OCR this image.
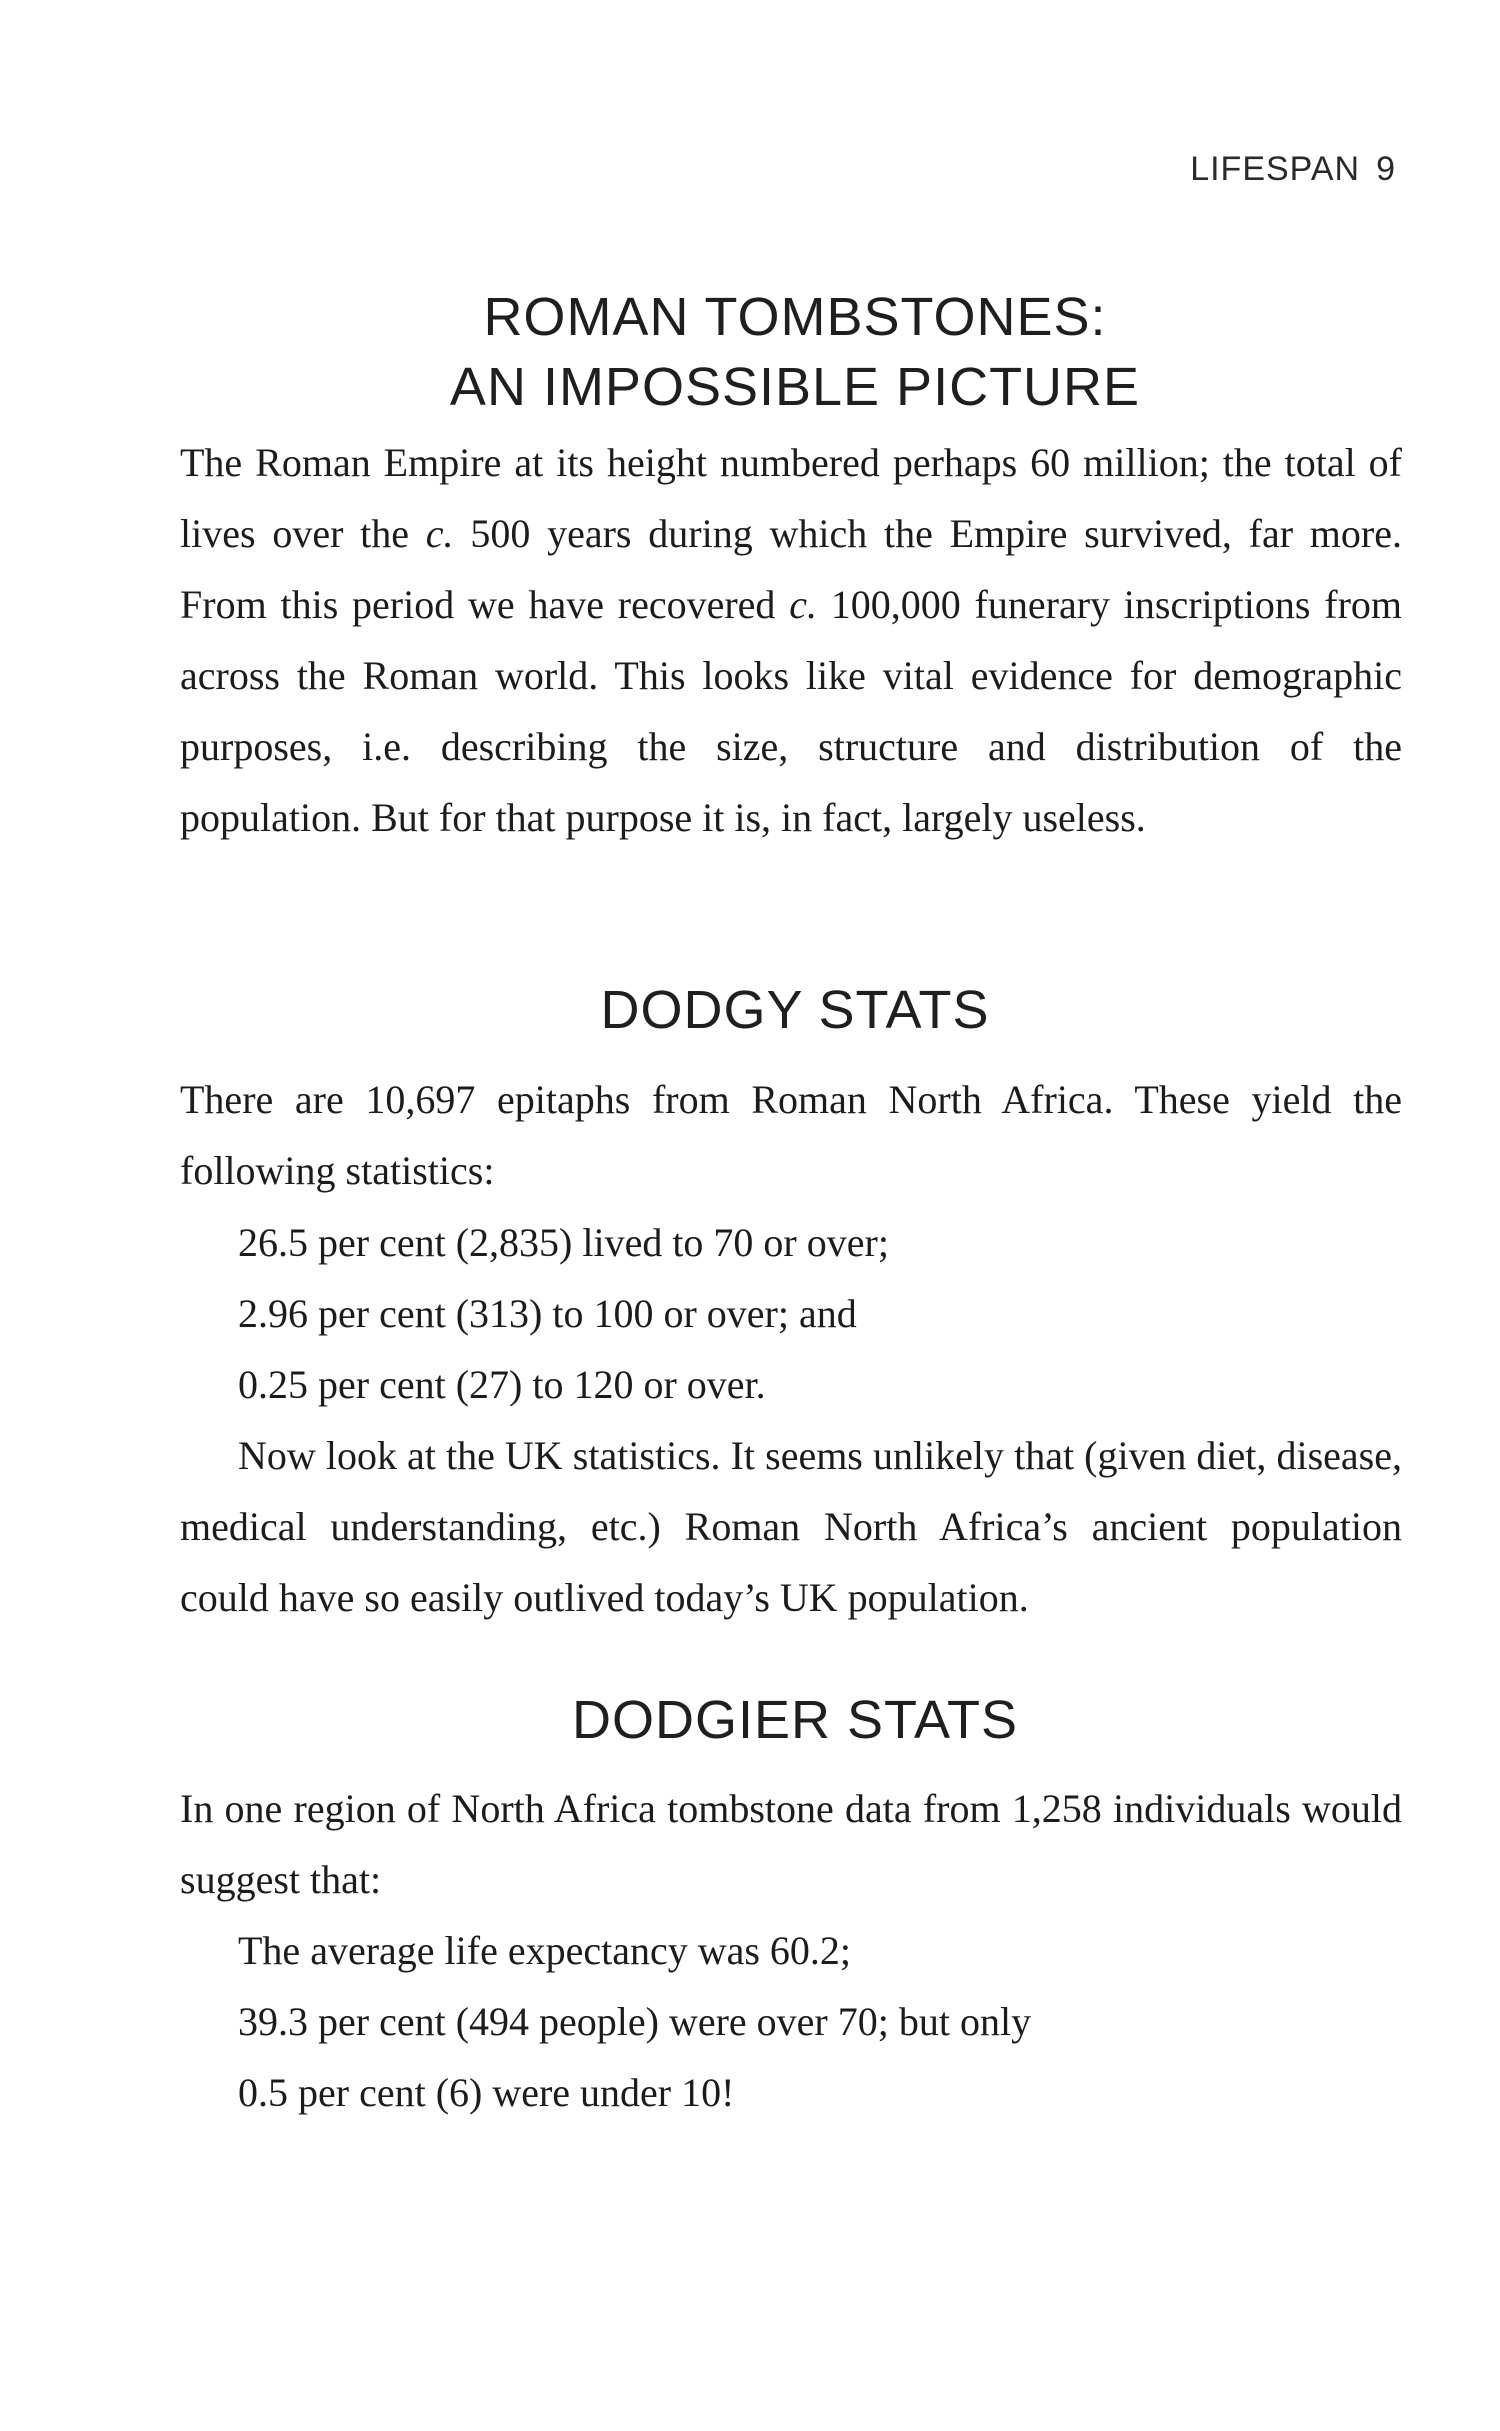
LIFESPAN 9
ROMAN TOMBSTONES:
AN IMPOSSIBLE PICTURE

The Roman Empire at its height numbered perhaps 60 million; the total of lives over the c. 500 years during which the Empire survived, far more. From this period we have recovered c. 100,000 funerary inscriptions from across the Roman world. This looks like vital evidence for demographic purposes, i.e. describing the size, structure and distribution of the population. But for that purpose it is, in fact, largely useless.

DODGY STATS

There are 10,697 epitaphs from Roman North Africa. These yield the following statistics:

26.5 per cent (2,835) lived to 70 or over;

2.96 per cent (313) to 100 or over; and

0.25 per cent (27) to 120 or over.

Now look at the UK statistics. It seems unlikely that (given diet, disease, medical understanding, etc.) Roman North Africa’s ancient population could have so easily outlived today’s UK population.

DODGIER STATS

In one region of North Africa tombstone data from 1,258 individuals would suggest that:

The average life expectancy was 60.2;

39.3 per cent (494 people) were over 70; but only

0.5 per cent (6) were under 10!
